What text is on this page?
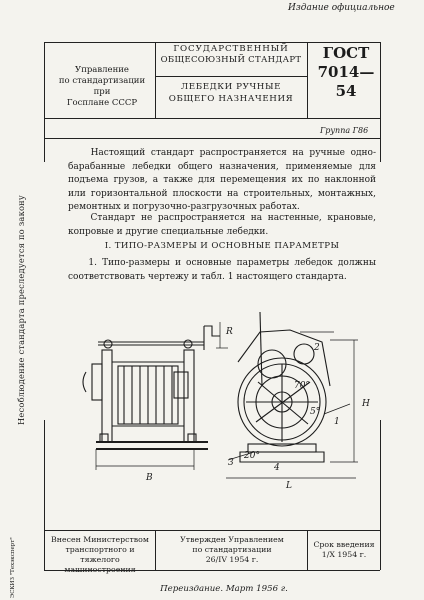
Издание официальное
Управление
по стандартизации
при
Госплане СССР
ГОСУДАРСТВЕННЫЙ
ОБЩЕСОЮЗНЫЙ СТАНДАРТ
ЛЕБЕДКИ РУЧНЫЕ
ОБЩЕГО НАЗНАЧЕНИЯ
ГОСТ
7014—54
Группа Г86
Настоящий стандарт распространяется на ручные одно-барабанные лебедки общего назначения, применяемые для подъема грузов, а также для перемещения их по наклонной или горизонтальной плоскости на строительных, монтажных, ремонтных и погрузочно-разгрузочных работах.
Стандарт не распространяется на настенные, крановые, копровые и другие специальные лебедки.
I. ТИПО-РАЗМЕРЫ И ОСНОВНЫЕ ПАРАМЕТРЫ
1. Типо-размеры и основные параметры лебедок должны соответствовать чертежу и табл. 1 настоящего стандарта.
R
B
H
L
1
2
3	4
70°
5°
20°
Несоблюдение стандарта преследуется по закону
ЭСКИЗ "Техэксперт"	Внесен Министерством
транспортного и тяжелого
машиностроения
Утвержден Управлением
по стандартизации
26/IV 1954 г.
Срок введения
1/X 1954 г.
Переиздание. Март 1956 г.
